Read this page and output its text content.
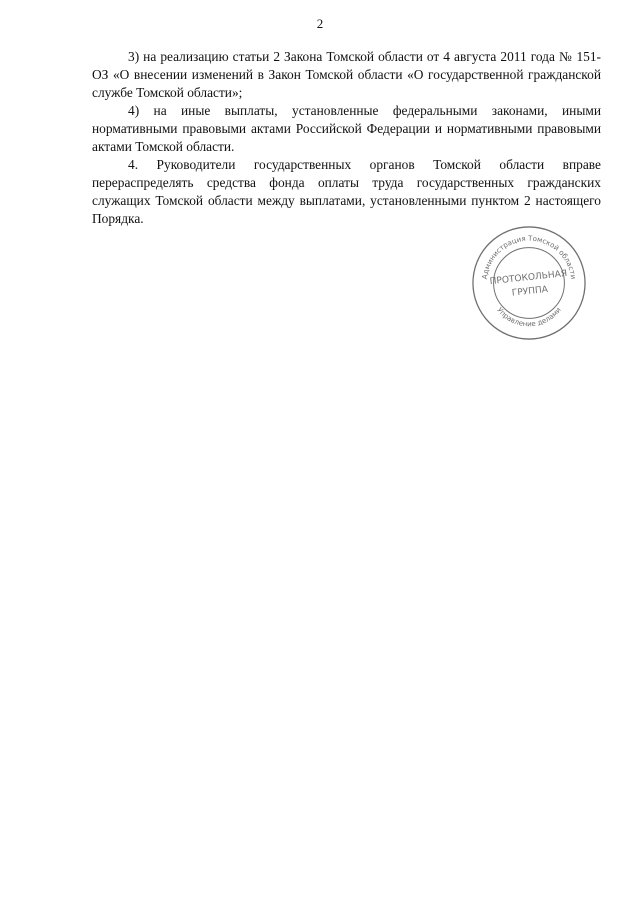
2

3) на реализацию статьи 2 Закона Томской области от 4 августа 2011 года № 151-ОЗ «О внесении изменений в Закон Томской области «О государственной гражданской службе Томской области»;

4) на иные выплаты, установленные федеральными законами, иными нормативными правовыми актами Российской Федерации и нормативными правовыми актами Томской области.

4. Руководители государственных органов Томской области вправе перераспределять средства фонда оплаты труда государственных гражданских служащих Томской области между выплатами, установленными пунктом 2 настоящего Порядка.

Администрация Томской области
Управление делами
ПРОТОКОЛЬНАЯ
ГРУППА
